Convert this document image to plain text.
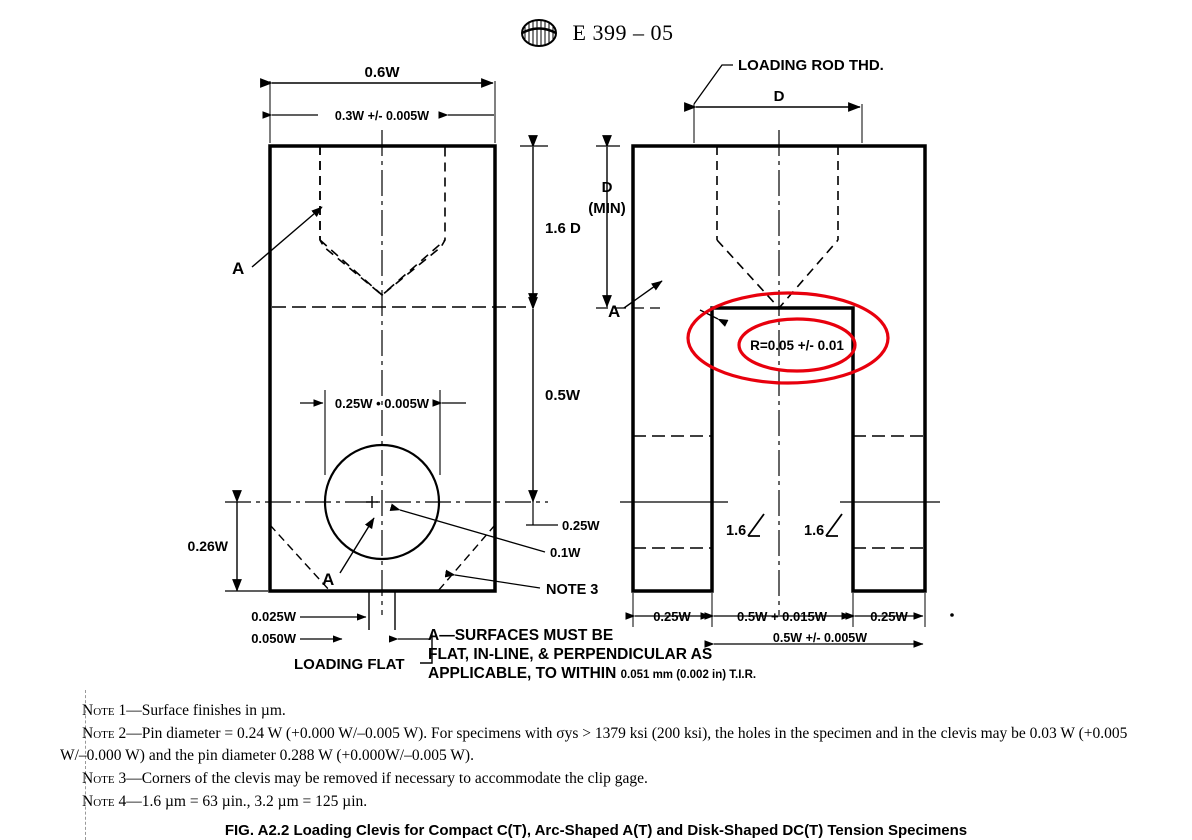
E 399 – 05
0.6W
0.3W +/- 0.005W
1.6 D
0.5W
0.25W
0.1W
NOTE 3
0.26W
0.25W • 0.005W
0.025W
0.050W
A
A
LOADING FLAT
A—SURFACES MUST BE
FLAT, IN-LINE, & PERPENDICULAR AS
APPLICABLE, TO WITHIN 0.051 mm (0.002 in) T.I.R.
LOADING ROD THD.
D
D
(MIN)
A
R=0.05 +/- 0.01
1.6	1.6
0.25W	0.5W + 0.015W	0.25W
0.5W +/- 0.005W

Note 1—Surface finishes in µm.

Note 2—Pin diameter = 0.24 W (+0.000 W/–0.005 W). For specimens with σys > 1379 ksi (200 ksi), the holes in the specimen and in the clevis may be 0.03 W (+0.005 W/–0.000 W) and the pin diameter 0.288 W (+0.000W/–0.005 W).

Note 3—Corners of the clevis may be removed if necessary to accommodate the clip gage.

Note 4—1.6 µm = 63 µin., 3.2 µm = 125 µin.

FIG. A2.2 Loading Clevis for Compact C(T), Arc-Shaped A(T) and Disk-Shaped DC(T) Tension Specimens
